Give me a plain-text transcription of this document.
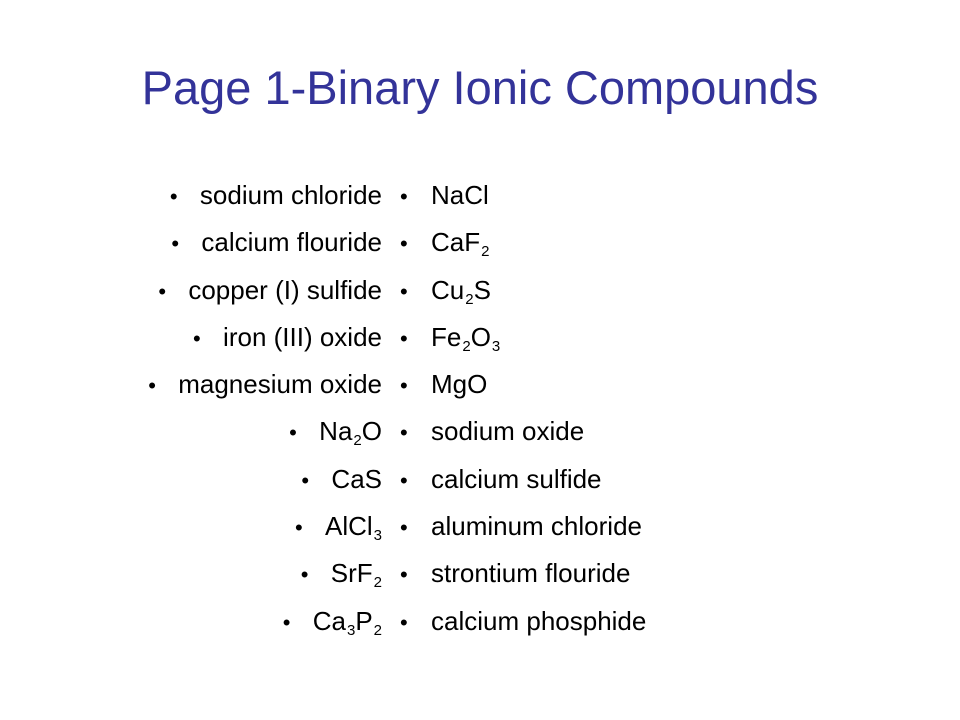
Page 1-Binary Ionic Compounds
• sodium chloride
• calcium flouride
• copper (I) sulfide
• iron (III) oxide
• magnesium oxide
• $Na_2O$
• CaS
• AlCl$_3$
• SrF$_2$
• $Ca_3P_2$
• NaCl
• CaF$_2$
• $Cu_2S$
• $Fe_2O_3$
• MgO
• sodium oxide
• calcium sulfide
• aluminum chloride
• strontium flouride
• calcium phosphide
